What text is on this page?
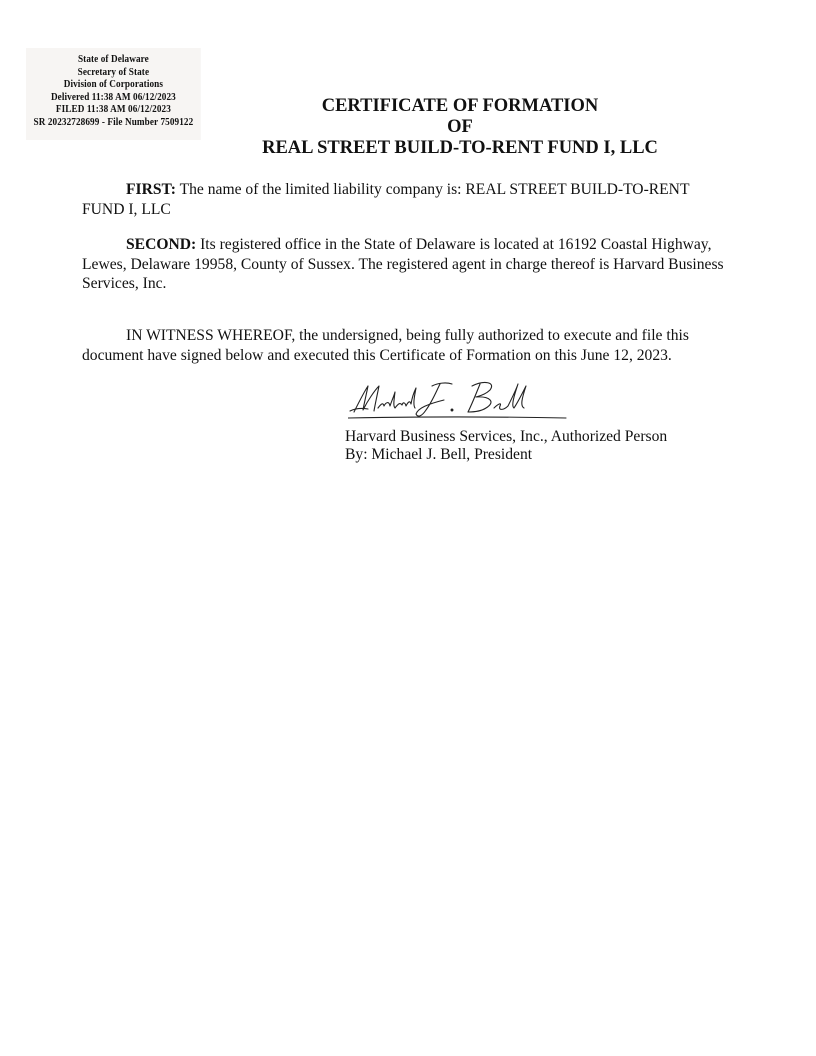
State of Delaware
Secretary of State
Division of Corporations
Delivered 11:38 AM 06/12/2023
FILED 11:38 AM 06/12/2023
SR 20232728699 - File Number 7509122
CERTIFICATE OF FORMATION
OF
REAL STREET BUILD-TO-RENT FUND I, LLC
FIRST: The name of the limited liability company is: REAL STREET BUILD-TO-RENT FUND I, LLC
SECOND: Its registered office in the State of Delaware is located at 16192 Coastal Highway, Lewes, Delaware 19958, County of Sussex. The registered agent in charge thereof is Harvard Business Services, Inc.
IN WITNESS WHEREOF, the undersigned, being fully authorized to execute and file this document have signed below and executed this Certificate of Formation on this June 12, 2023.
Harvard Business Services, Inc., Authorized Person
By: Michael J. Bell, President
